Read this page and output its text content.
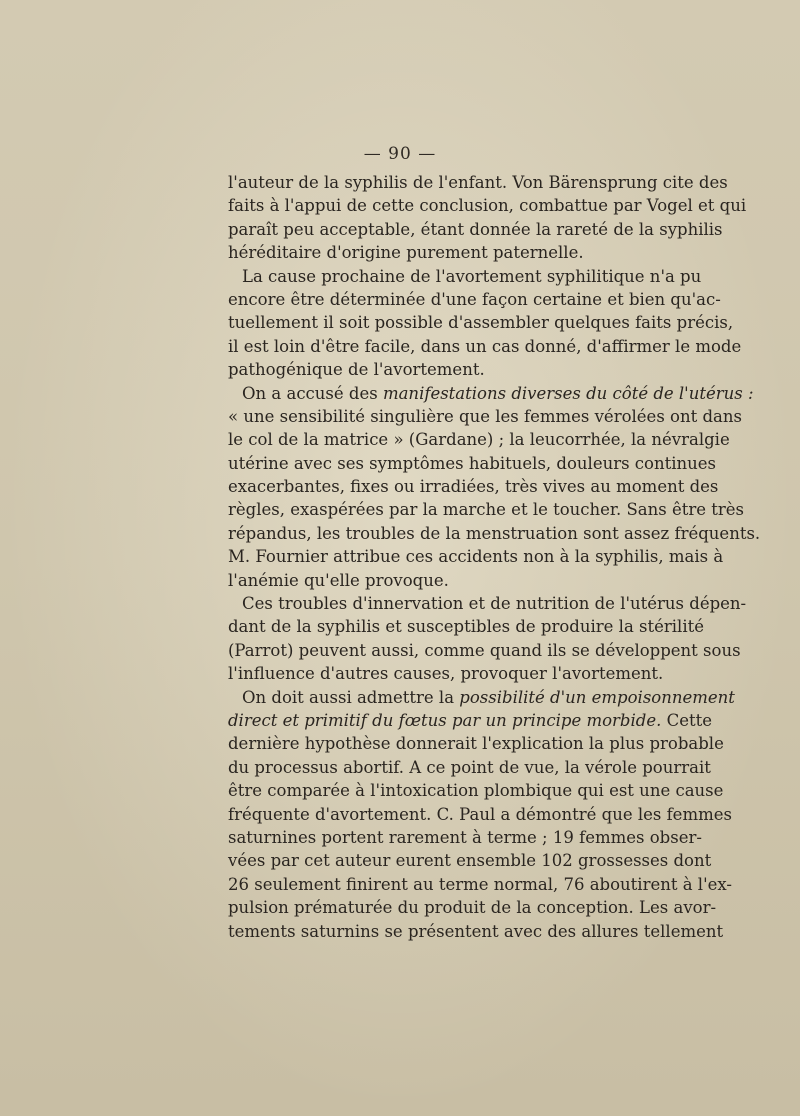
— 90 —
l'auteur de la syphilis de l'enfant. Von Bärensprung cite des
faits à l'appui de cette conclusion, combattue par Vogel et qui
paraît peu acceptable, étant donnée la rareté de la syphilis
héréditaire d'origine purement paternelle.
La cause prochaine de l'avortement syphilitique n'a pu
encore être déterminée d'une façon certaine et bien qu'ac-
tuellement il soit possible d'assembler quelques faits précis,
il est loin d'être facile, dans un cas donné, d'affirmer le mode
pathogénique de l'avortement.
On a accusé des manifestations diverses du côté de l'utérus :
« une sensibilité singulière que les femmes vérolées ont dans
le col de la matrice » (Gardane) ; la leucorrhée, la névralgie
utérine avec ses symptômes habituels, douleurs continues
exacerbantes, fixes ou irradiées, très vives au moment des
règles, exaspérées par la marche et le toucher. Sans être très
répandus, les troubles de la menstruation sont assez fréquents.
M. Fournier attribue ces accidents non à la syphilis, mais à
l'anémie qu'elle provoque.
Ces troubles d'innervation et de nutrition de l'utérus dépen-
dant de la syphilis et susceptibles de produire la stérilité
(Parrot) peuvent aussi, comme quand ils se développent sous
l'influence d'autres causes, provoquer l'avortement.
On doit aussi admettre la possibilité d'un empoisonnement
direct et primitif du fœtus par un principe morbide. Cette
dernière hypothèse donnerait l'explication la plus probable
du processus abortif. A ce point de vue, la vérole pourrait
être comparée à l'intoxication plombique qui est une cause
fréquente d'avortement. C. Paul a démontré que les femmes
saturnines portent rarement à terme ; 19 femmes obser-
vées par cet auteur eurent ensemble 102 grossesses dont
26 seulement finirent au terme normal, 76 aboutirent à l'ex-
pulsion prématurée du produit de la conception. Les avor-
tements saturnins se présentent avec des allures tellement
